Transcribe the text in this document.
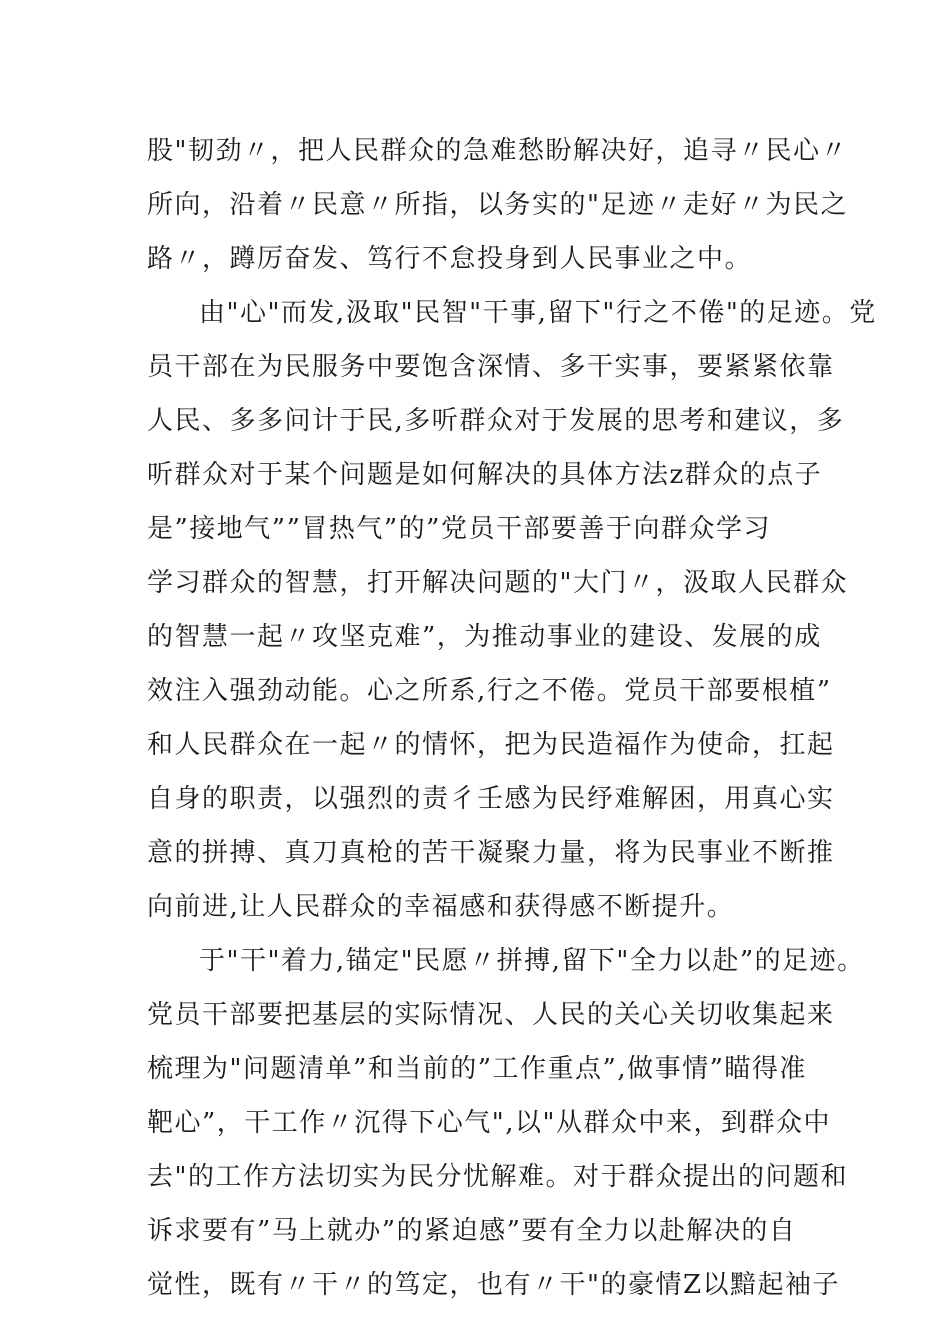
股"韧劲〃，把人民群众的急难愁盼解决好，追寻〃民心〃
所向，沿着〃民意〃所指，以务实的"足迹〃走好〃为民之
路〃，蹲厉奋发、笃行不怠投身到人民事业之中。
由"心"而发,汲取"民智"干事,留下"行之不倦"的足迹。党
员干部在为民服务中要饱含深情、多干实事，要紧紧依靠
人民、多多问计于民,多听群众对于发展的思考和建议，多
听群众对于某个问题是如何解决的具体方法z群众的点子
是”接地气””冒热气”的”党员干部要善于向群众学习
学习群众的智慧，打开解决问题的"大门〃，汲取人民群众
的智慧一起〃攻坚克难”，为推动事业的建设、发展的成
效注入强劲动能。心之所系,行之不倦。党员干部要根植”
和人民群众在一起〃的情怀，把为民造福作为使命，扛起
自身的职责，以强烈的责彳壬感为民纾难解困，用真心实
意的拼搏、真刀真枪的苦干凝聚力量，将为民事业不断推
向前进,让人民群众的幸福感和获得感不断提升。
于"干"着力,锚定"民愿〃拼搏,留下"全力以赴”的足迹。
党员干部要把基层的实际情况、人民的关心关切收集起来
梳理为"问题清单”和当前的”工作重点”,做事情”瞄得准
靶心”，干工作〃沉得下心气",以"从群众中来，到群众中
去"的工作方法切实为民分忧解难。对于群众提出的问题和
诉求要有”马上就办”的紧迫感”要有全力以赴解决的自
觉性，既有〃干〃的笃定，也有〃干"的豪情Z以黯起袖子
